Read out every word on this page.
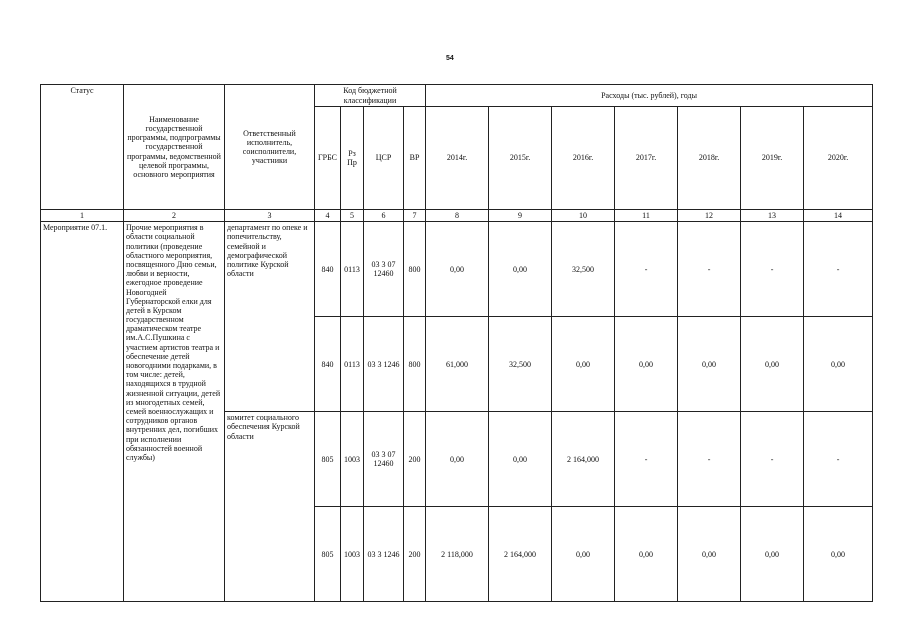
54
Статус	Наименование государственной программы, подпрограммы государственной программы, ведомственной целевой программы, основного мероприятия	Ответственный исполнитель, соисполнители, участники	Код бюджетной классификации				Расходы (тыс. рублей), годы						
			ГРБС	Рз Пр	ЦСР	ВР	2014г.	2015г.	2016г.	2017г.	2018г.	2019г.	2020г.
1	2	3	4	5	6	7	8	9	10	11	12	13	14
Мероприятие 07.1.	Прочие мероприятия в области социальной политики (проведение областного мероприятия, посвященного Дню семьи, любви и верности, ежегодное проведение Новогодней Губернаторской елки для детей в Курском государственном драматическом театре им.А.С.Пушкина с участием артистов театра и обеспечение детей новогодними подарками, в том числе: детей, находящихся в трудной жизненной ситуации, детей из многодетных семей, семей военнослужащих и сотрудников органов внутренних дел, погибших при исполнении обязанностей военной службы)	департамент по опеке и попечительству, семейной и демографической политике Курской области	840	0113	03 3 07 12460	800	0,00	0,00	32,500	-	-	-	-
			840	0113	03 3 1246	800	61,000	32,500	0,00	0,00	0,00	0,00	0,00
		комитет социального обеспечения Курской области	805	1003	03 3 07 12460	200	0,00	0,00	2 164,000	-	-	-	-
			805	1003	03 3 1246	200	2 118,000	2 164,000	0,00	0,00	0,00	0,00	0,00
